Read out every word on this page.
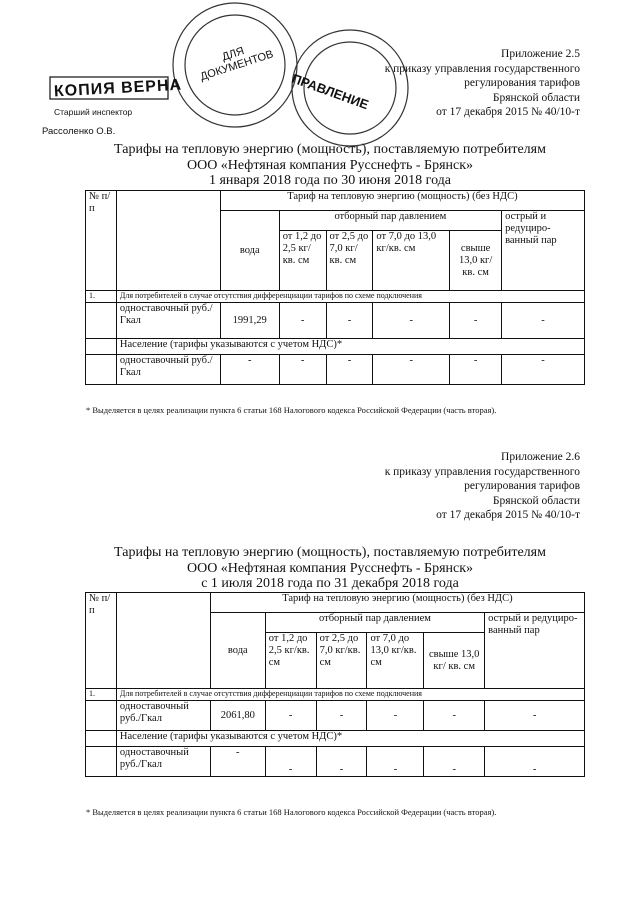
КОПИЯ ВЕРНА
Старший инспектор
Рассоленко О.В.
ДЛЯ ДОКУМЕНТОВ
ПРАВЛЕНИЕ
Приложение 2.5
к приказу управления государственного
регулирования тарифов
Брянской области
от 17 декабря 2015 № 40/10-т
Тарифы на тепловую энергию (мощность), поставляемую потребителям
ООО «Нефтяная компания Русснефть - Брянск»
1 января 2018 года по 30 июня 2018 года
№ п/п		Тариф на тепловую энергию (мощность) (без НДС)					
		вода	отборный пар давлением				острый и редуциро-ванный пар
			от 1,2 до 2,5 кг/кв. см	от 2,5 до 7,0 кг/кв. см	от 7,0 до 13,0 кг/кв. см	свыше 13,0 кг/ кв. см	
1.	Для потребителей в случае отсутствия дифференциации тарифов по схеме подключения						
	одноставочный руб./Гкал	1991,29	-	-	-	-	-
	Население (тарифы указываются с учетом НДС)*						
	одноставочный руб./Гкал	-	-	-	-	-	-
* Выделяется в целях реализации пункта 6 статьи 168 Налогового кодекса Российской Федерации (часть вторая).
Приложение 2.6
к приказу управления государственного
регулирования тарифов
Брянской области
от 17 декабря 2015 № 40/10-т
Тарифы на тепловую энергию (мощность), поставляемую потребителям
ООО «Нефтяная компания Русснефть - Брянск»
с 1 июля 2018 года по 31 декабря 2018 года
№ п/п		Тариф на тепловую энергию (мощность) (без НДС)					
		вода	отборный пар давлением				острый и редуциро-ванный пар
			от 1,2 до 2,5 кг/кв. см	от 2,5 до 7,0 кг/кв. см	от 7,0 до 13,0 кг/кв. см	свыше 13,0 кг/ кв. см	
1.	Для потребителей в случае отсутствия дифференциации тарифов по схеме подключения						
	одноставочный руб./Гкал	2061,80	-	-	-	-	-
	Население (тарифы указываются с учетом НДС)*						
	одноставочный руб./Гкал	-	-	-	-	-	-
* Выделяется в целях реализации пункта 6 статьи 168 Налогового кодекса Российской Федерации (часть вторая).
